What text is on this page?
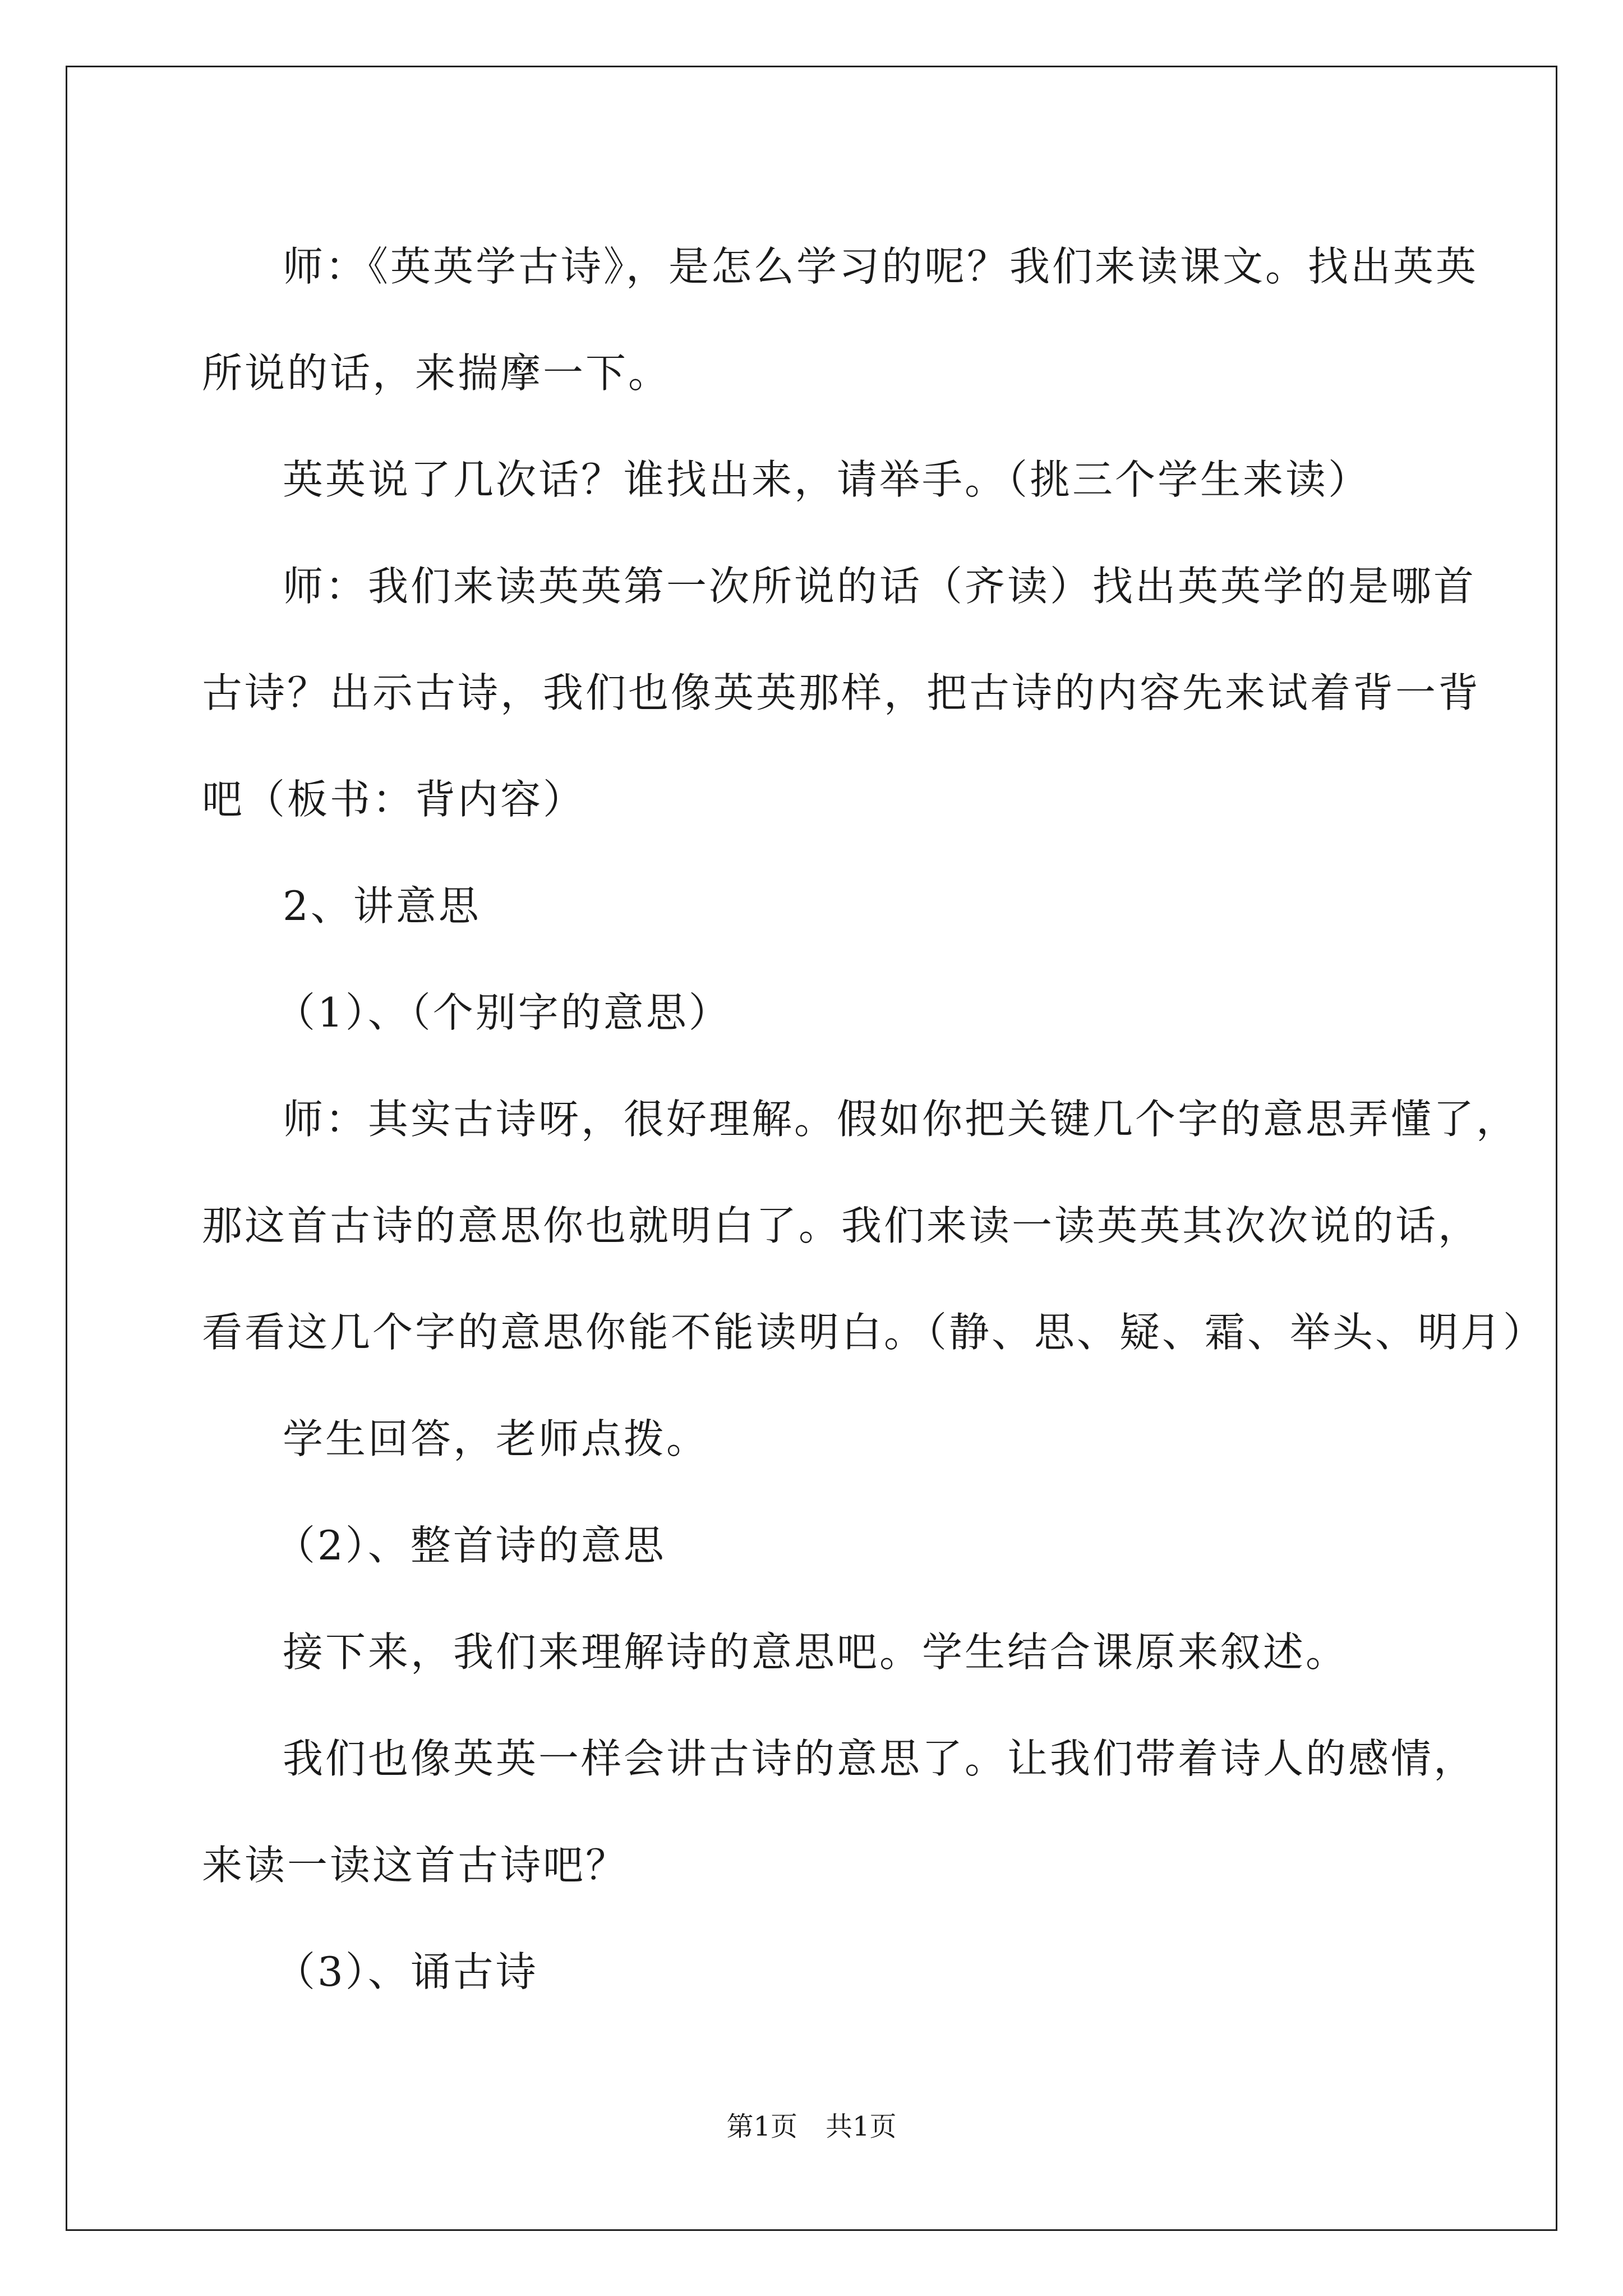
师：《英英学古诗》，是怎么学习的呢？我们来读课文。找出英英

所说的话，来揣摩一下。

英英说了几次话？谁找出来，请举手。（挑三个学生来读）

师：我们来读英英第一次所说的话（齐读）找出英英学的是哪首

古诗？出示古诗，我们也像英英那样，把古诗的内容先来试着背一背

吧（板书：背内容）

2、讲意思

（1）、（个别字的意思）

师：其实古诗呀，很好理解。假如你把关键几个字的意思弄懂了，

那这首古诗的意思你也就明白了。我们来读一读英英其次次说的话，

看看这几个字的意思你能不能读明白。（静、思、疑、霜、举头、明月）

学生回答，老师点拨。

（2）、整首诗的意思

接下来，我们来理解诗的意思吧。学生结合课原来叙述。

我们也像英英一样会讲古诗的意思了。让我们带着诗人的感情，

来读一读这首古诗吧？

（3）、诵古诗

第1页 共1页
